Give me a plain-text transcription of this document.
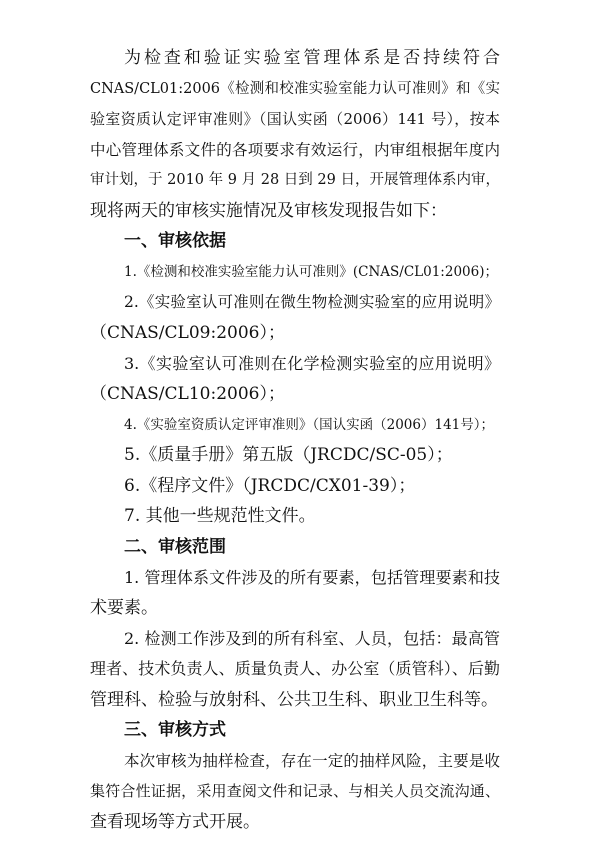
为检查和验证实验室管理体系是否持续符合
CNAS/CL01:2006《检测和校准实验室能力认可准则》和《实
验室资质认定评审准则》（国认实函（2006）141 号），按本
中心管理体系文件的各项要求有效运行，内审组根据年度内
审计划，于 2010 年 9 月 28 日到 29 日，开展管理体系内审，
现将两天的审核实施情况及审核发现报告如下：
一、审核依据
1.《检测和校准实验室能力认可准则》(CNAS/CL01:2006)；
2.《实验室认可准则在微生物检测实验室的应用说明》
（CNAS/CL09:2006）；
3.《实验室认可准则在化学检测实验室的应用说明》
（CNAS/CL10:2006）；
4.《实验室资质认定评审准则》（国认实函（2006）141号）；
5.《质量手册》第五版（JRCDC/SC-05）；
6.《程序文件》（JRCDC/CX01-39）；
7. 其他一些规范性文件。
二、审核范围
1. 管理体系文件涉及的所有要素，包括管理要素和技
术要素。
2. 检测工作涉及到的所有科室、人员，包括：最高管
理者、技术负责人、质量负责人、办公室（质管科）、后勤
管理科、检验与放射科、公共卫生科、职业卫生科等。
三、审核方式
本次审核为抽样检查，存在一定的抽样风险，主要是收
集符合性证据，采用查阅文件和记录、与相关人员交流沟通、
查看现场等方式开展。
